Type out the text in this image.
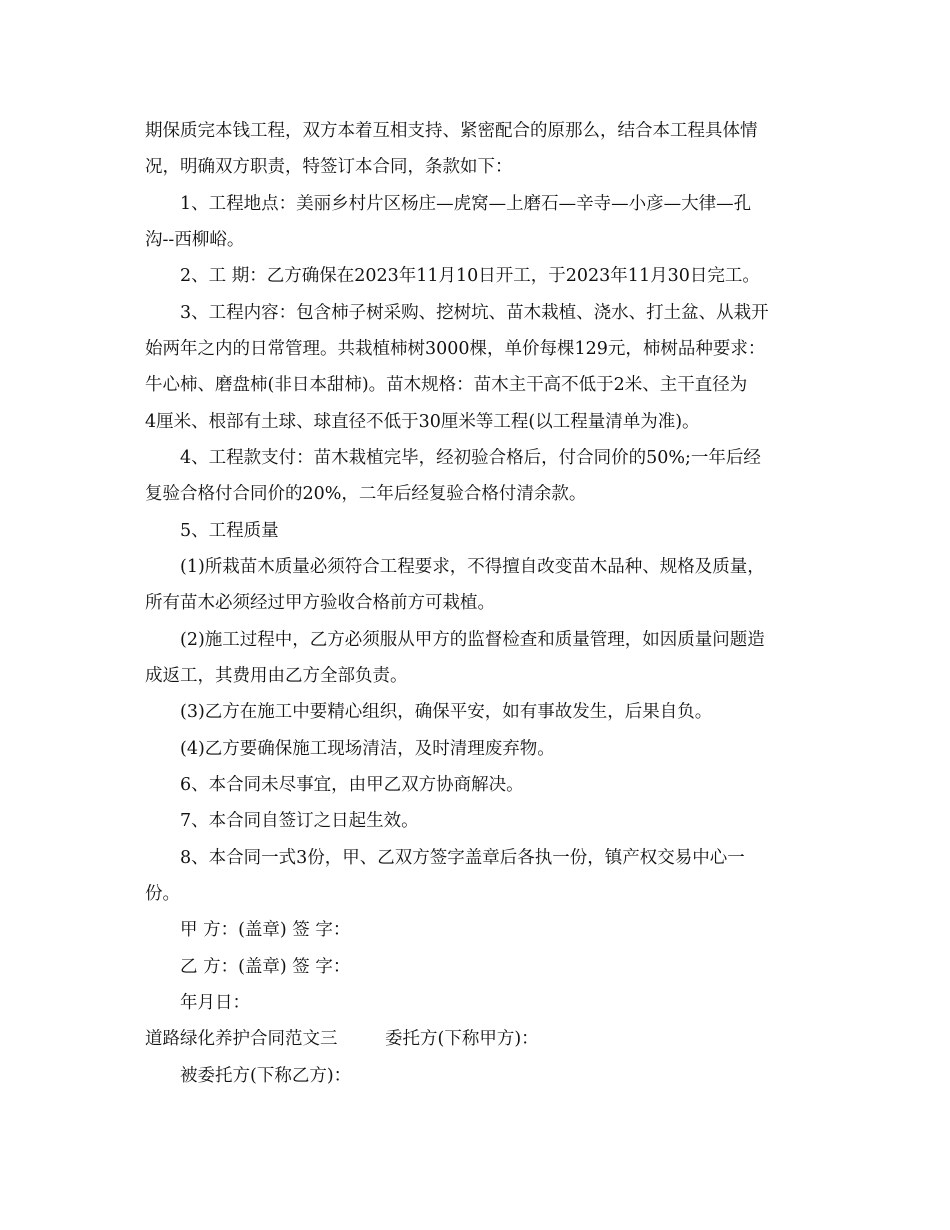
期保质完本钱工程，双方本着互相支持、紧密配合的原那么，结合本工程具体情
况，明确双方职责，特签订本合同，条款如下：
1、工程地点：美丽乡村片区杨庄—虎窝—上磨石—辛寺—小彦—大律—孔
沟--西柳峪。
2、工 期：乙方确保在2023年11月10日开工，于2023年11月30日完工。
3、工程内容：包含柿子树采购、挖树坑、苗木栽植、浇水、打土盆、从栽开
始两年之内的日常管理。共栽植柿树3000棵，单价每棵129元，柿树品种要求：
牛心柿、磨盘柿(非日本甜柿)。苗木规格：苗木主干高不低于2米、主干直径为
4厘米、根部有土球、球直径不低于30厘米等工程(以工程量清单为准)。
4、工程款支付：苗木栽植完毕，经初验合格后，付合同价的50%;一年后经
复验合格付合同价的20%，二年后经复验合格付清余款。
5、工程质量
(1)所栽苗木质量必须符合工程要求，不得擅自改变苗木品种、规格及质量，
所有苗木必须经过甲方验收合格前方可栽植。
(2)施工过程中，乙方必须服从甲方的监督检查和质量管理，如因质量问题造
成返工，其费用由乙方全部负责。
(3)乙方在施工中要精心组织，确保平安，如有事故发生，后果自负。
(4)乙方要确保施工现场清洁，及时清理废弃物。
6、本合同未尽事宜，由甲乙双方协商解决。
7、本合同自签订之日起生效。
8、本合同一式3份，甲、乙双方签字盖章后各执一份，镇产权交易中心一
份。
甲 方：(盖章) 签 字：
乙 方：(盖章) 签 字：
年月日：
道路绿化养护合同范文三	委托方(下称甲方)：
被委托方(下称乙方)：
